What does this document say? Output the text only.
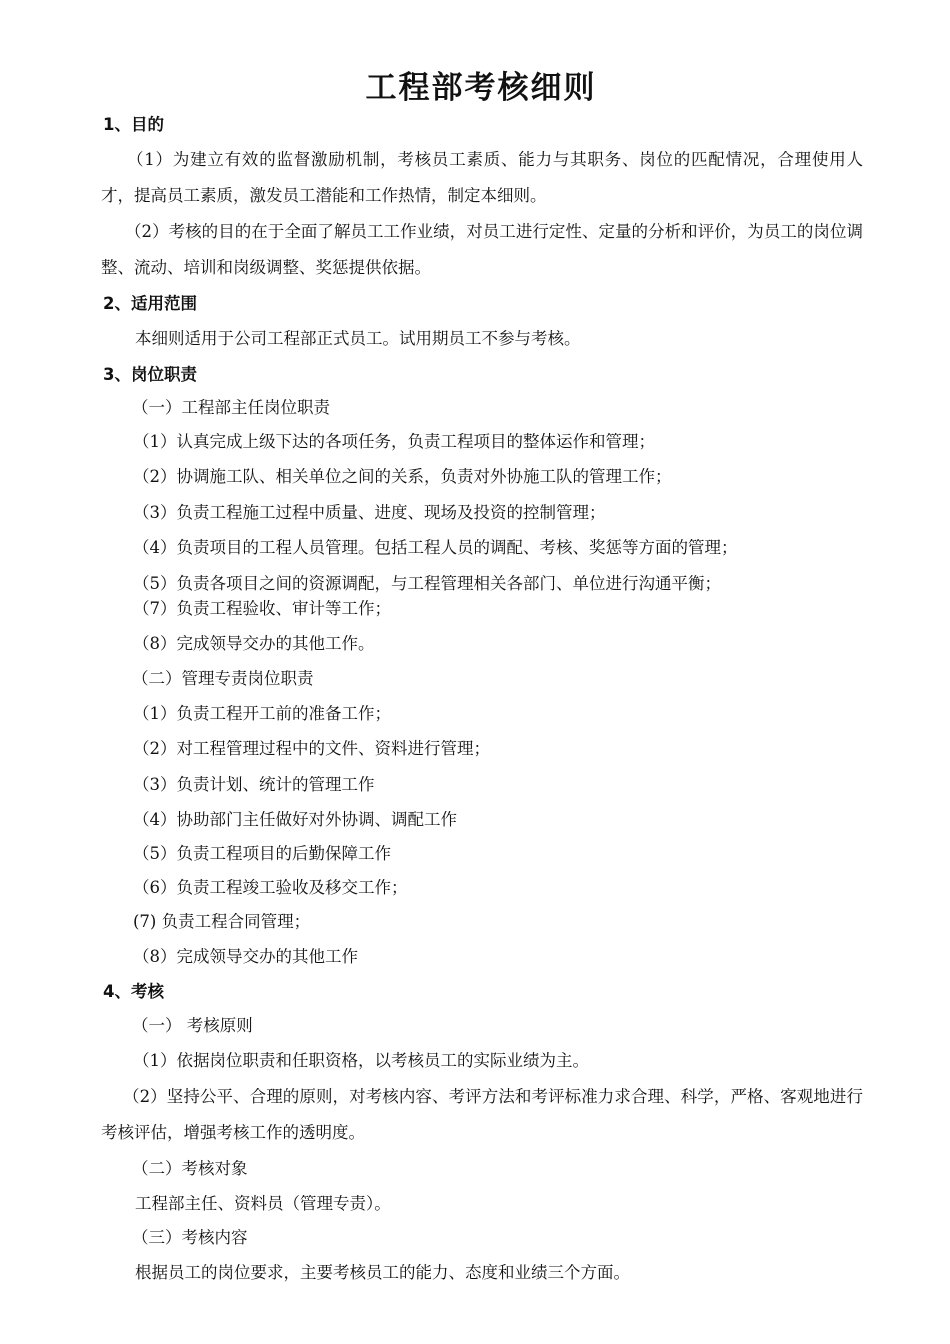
工程部考核细则
1、目的

（1）为建立有效的监督激励机制，考核员工素质、能力与其职务、岗位的匹配情况，合理使用人才，提高员工素质，激发员工潜能和工作热情，制定本细则。

（2）考核的目的在于全面了解员工工作业绩，对员工进行定性、定量的分析和评价，为员工的岗位调整、流动、培训和岗级调整、奖惩提供依据。

2、适用范围
本细则适用于公司工程部正式员工。试用期员工不参与考核。
3、岗位职责
（一）工程部主任岗位职责
（1）认真完成上级下达的各项任务，负责工程项目的整体运作和管理；
（2）协调施工队、相关单位之间的关系，负责对外协施工队的管理工作；
（3）负责工程施工过程中质量、进度、现场及投资的控制管理；
（4）负责项目的工程人员管理。包括工程人员的调配、考核、奖惩等方面的管理；
（5）负责各项目之间的资源调配，与工程管理相关各部门、单位进行沟通平衡；
（7）负责工程验收、审计等工作；
（8）完成领导交办的其他工作。
（二）管理专责岗位职责
（1）负责工程开工前的准备工作；
（2）对工程管理过程中的文件、资料进行管理；
（3）负责计划、统计的管理工作
（4）协助部门主任做好对外协调、调配工作
（5）负责工程项目的后勤保障工作
（6）负责工程竣工验收及移交工作；
(7) 负责工程合同管理；
（8）完成领导交办的其他工作
4、考核
（一） 考核原则
（1）依据岗位职责和任职资格，以考核员工的实际业绩为主。

（2）坚持公平、合理的原则，对考核内容、考评方法和考评标准力求合理、科学，严格、客观地进行考核评估，增强考核工作的透明度。

（二）考核对象
工程部主任、资料员（管理专责）。
（三）考核内容
根据员工的岗位要求，主要考核员工的能力、态度和业绩三个方面。
